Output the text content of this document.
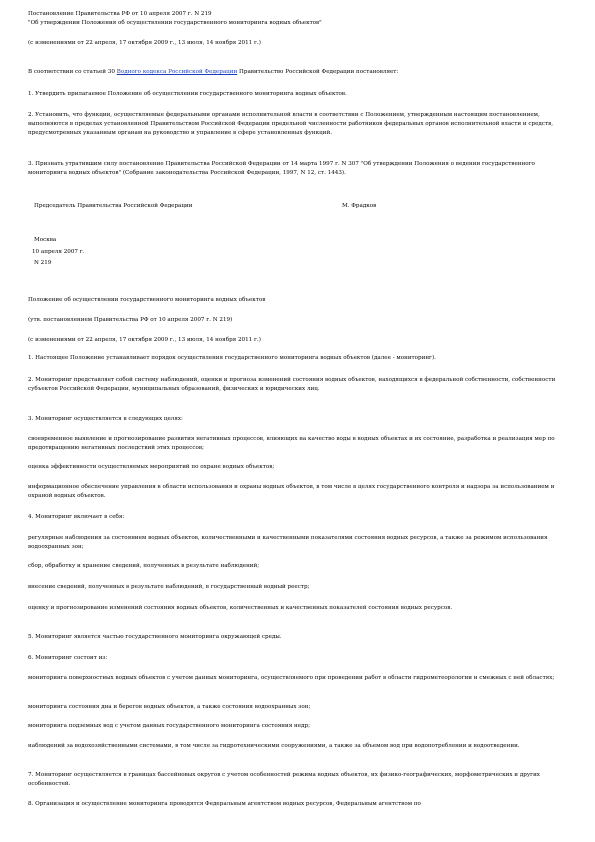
Постановление Правительства РФ от 10 апреля 2007 г. N 219

"Об утверждении Положения об осуществлении государственного мониторинга водных объектов"

(с изменениями от 22 апреля, 17 октября 2009 г., 13 июля, 14 ноября 2011 г.)

В соответствии со статьей 30 Водного кодекса Российской Федерации Правительство Российской Федерации постановляет:

1. Утвердить прилагаемое Положение об осуществлении государственного мониторинга водных объектов.

2. Установить, что функции, осуществляемые федеральными органами исполнительной власти в соответствии с Положением, утвержденным настоящим постановлением, выполняются в пределах установленной Правительством Российской Федерации предельной численности работников федеральных органов исполнительной власти и средств, предусмотренных указанным органам на руководство и управление в сфере установленных функций.

3. Признать утратившим силу постановление Правительства Российской Федерации от 14 марта 1997 г. N 307 "Об утверждении Положения о ведении государственного мониторинга водных объектов" (Собрание законодательства Российской Федерации, 1997, N 12, ст. 1443).

Председатель Правительства Российской Федерации	М. Фрадков

Москва

10 апреля 2007 г.

N 219

Положение об осуществлении государственного мониторинга водных объектов

(утв. постановлением Правительства РФ от 10 апреля 2007 г. N 219)

(с изменениями от 22 апреля, 17 октября 2009 г., 13 июля, 14 ноября 2011 г.)

1. Настоящее Положение устанавливает порядок осуществления государственного мониторинга водных объектов (далее - мониторинг).

2. Мониторинг представляет собой систему наблюдений, оценки и прогноза изменений состояния водных объектов, находящихся в федеральной собственности, собственности субъектов Российской Федерации, муниципальных образований, физических и юридических лиц.

3. Мониторинг осуществляется в следующих целях:

своевременное выявление и прогнозирование развития негативных процессов, влияющих на качество воды в водных объектах и их состояние, разработка и реализация мер по предотвращению негативных последствий этих процессов;

оценка эффективности осуществляемых мероприятий по охране водных объектов;

информационное обеспечение управления в области использования и охраны водных объектов, в том числе в целях государственного контроля и надзора за использованием и охраной водных объектов.

4. Мониторинг включает в себя:

регулярные наблюдения за состоянием водных объектов, количественными и качественными показателями состояния водных ресурсов, а также за режимом использования водоохранных зон;

сбор, обработку и хранение сведений, полученных в результате наблюдений;

внесение сведений, полученных в результате наблюдений, в государственный водный реестр;

оценку и прогнозирование изменений состояния водных объектов, количественных и качественных показателей состояния водных ресурсов.

5. Мониторинг является частью государственного мониторинга окружающей среды.

6. Мониторинг состоит из:

мониторинга поверхностных водных объектов с учетом данных мониторинга, осуществляемого при проведении работ в области гидрометеорологии и смежных с ней областях;

мониторинга состояния дна и берегов водных объектов, а также состояния водоохранных зон;

мониторинга подземных вод с учетом данных государственного мониторинга состояния недр;

наблюдений за водохозяйственными системами, в том числе за гидротехническими сооружениями, а также за объемом вод при водопотреблении и водоотведении.

7. Мониторинг осуществляется в границах бассейновых округов с учетом особенностей режима водных объектов, их физико-географических, морфометрических и других особенностей.

8. Организация и осуществление мониторинга проводятся Федеральным агентством водных ресурсов, Федеральным агентством по
